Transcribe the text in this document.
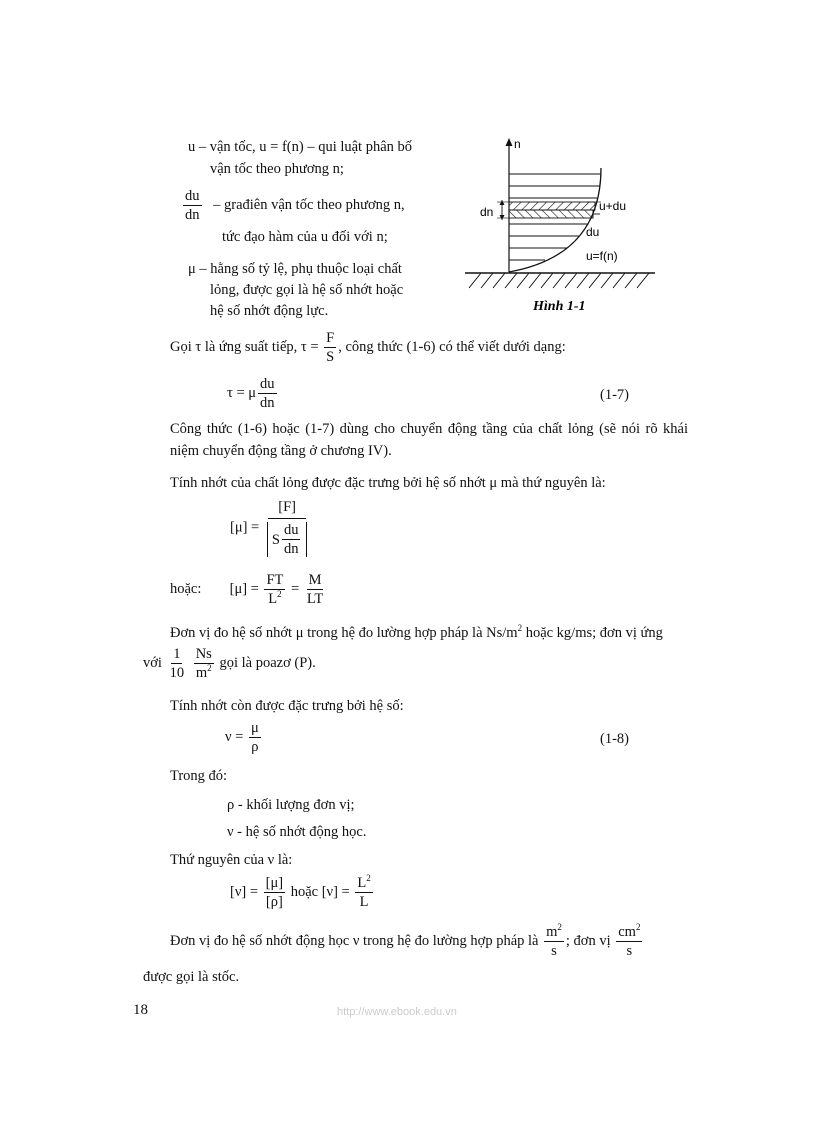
u – vận tốc, u = f(n) – qui luật phân bố
vận tốc theo phương n;
$\frac{du}{dn}$ – građiên vận tốc theo phương n,
tức đạo hàm của u đối với n;
μ – hằng số tỷ lệ, phụ thuộc loại chất
lỏng, được gọi là hệ số nhớt hoặc
hệ số nhớt động lực.
n
dn	u+du
du
u=f(n)
Hình 1-1
Gọi τ là ứng suất tiếp, $\tau = \frac{F}{S}$ , công thức (1-6) có thể viết dưới dạng:
τ = μ $\frac{du}{dn}$	(1-7)
Công thức (1-6) hoặc (1-7) dùng cho chuyển động tầng của chất lỏng (sẽ nói rõ khái niệm chuyển động tầng ở chương IV).
Tính nhớt của chất lỏng được đặc trưng bởi hệ số nhớt μ mà thứ nguyên là:
$[\mu] = \frac{[F]}{S \frac{du}{dn}}$
hoặc: $[\mu] = \frac{FT}{L^2} = \frac{M}{LT}$
Đơn vị đo hệ số nhớt μ trong hệ đo lường hợp pháp là $Ns/m^2$ hoặc kg/ms; đơn vị ứng
với $\frac{1}{10}$
$\frac{Ns}{m^2}$ gọi là poazơ (P).
Tính nhớt còn được đặc trưng bởi hệ số:
$\nu = \frac{\mu}{\rho}$	(1-8)
Trong đó:
ρ - khối lượng đơn vị;
ν - hệ số nhớt động học.
Thứ nguyên của ν là:
$[\nu] = \frac{[\mu]}{[\rho]}$ hoặc $[\nu] = \frac{L^2}{L}$
Đơn vị đo hệ số nhớt động học ν trong hệ đo lường hợp pháp là $\frac{m^2}{s}$ ; đơn vị $\frac{cm^2}{s}$
được gọi là stốc.
18	http://www.ebook.edu.vn
